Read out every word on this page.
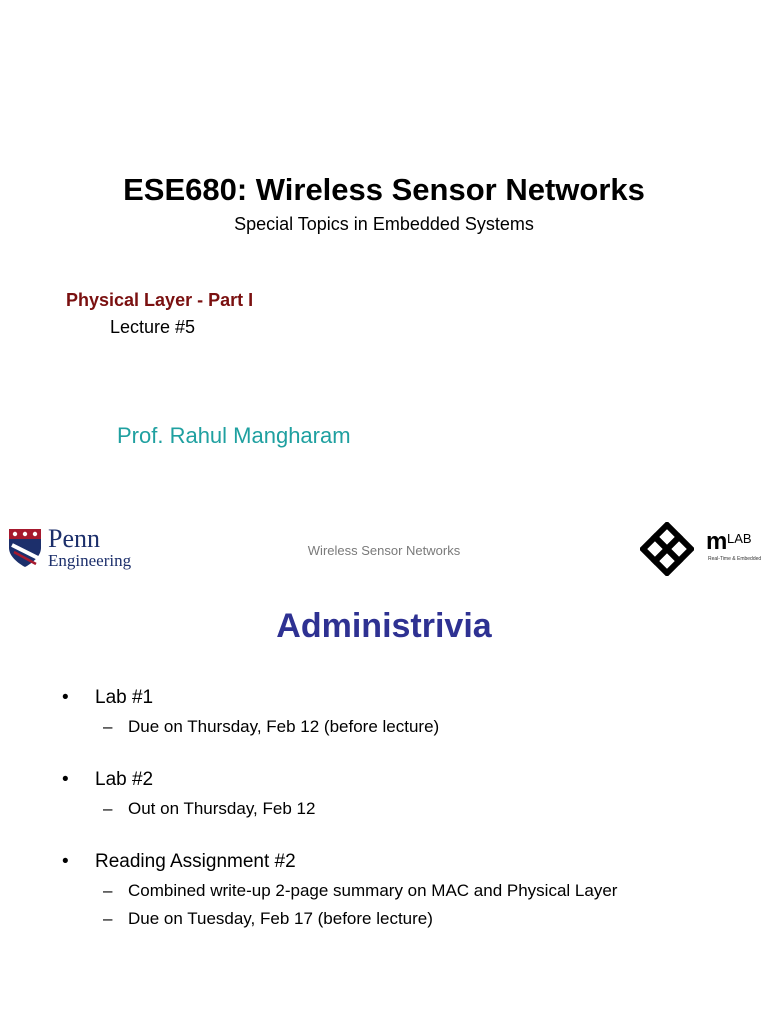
ESE680: Wireless Sensor Networks
Special Topics in Embedded Systems
Physical Layer - Part I
Lecture #5
Prof. Rahul Mangharam
Penn
Engineering
Wireless Sensor Networks	m LAB
Real-Time & Embedded
Administrivia
• Lab #1
– Due on Thursday, Feb 12 (before lecture)
• Lab #2
– Out on Thursday, Feb 12
• Reading Assignment #2
– Combined write-up 2-page summary on MAC and Physical Layer
– Due on Tuesday, Feb 17 (before lecture)
